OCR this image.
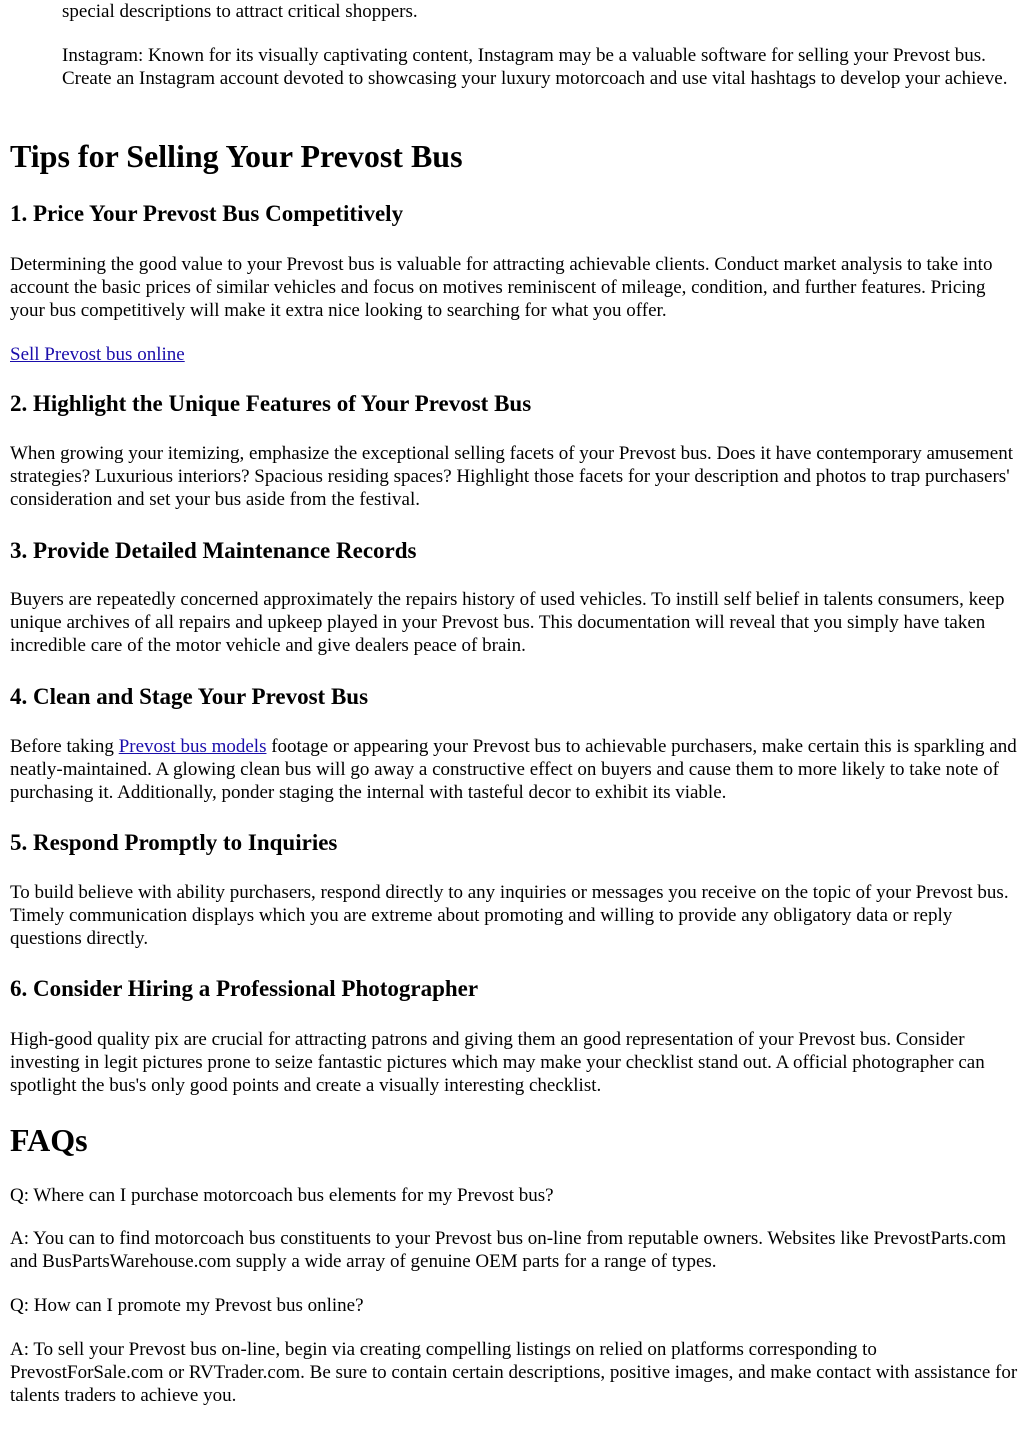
special descriptions to attract critical shoppers.

Instagram: Known for its visually captivating content, Instagram may be a valuable software for selling your Prevost bus. Create an Instagram account devoted to showcasing your luxury motorcoach and use vital hashtags to develop your achieve.

Tips for Selling Your Prevost Bus
1. Price Your Prevost Bus Competitively

Determining the good value to your Prevost bus is valuable for attracting achievable clients. Conduct market analysis to take into account the basic prices of similar vehicles and focus on motives reminiscent of mileage, condition, and further features. Pricing your bus competitively will make it extra nice looking to searching for what you offer.

Sell Prevost bus online

2. Highlight the Unique Features of Your Prevost Bus

When growing your itemizing, emphasize the exceptional selling facets of your Prevost bus. Does it have contemporary amusement strategies? Luxurious interiors? Spacious residing spaces? Highlight those facets for your description and photos to trap purchasers' consideration and set your bus aside from the festival.

3. Provide Detailed Maintenance Records

Buyers are repeatedly concerned approximately the repairs history of used vehicles. To instill self belief in talents consumers, keep unique archives of all repairs and upkeep played in your Prevost bus. This documentation will reveal that you simply have taken incredible care of the motor vehicle and give dealers peace of brain.

4. Clean and Stage Your Prevost Bus

Before taking Prevost bus models footage or appearing your Prevost bus to achievable purchasers, make certain this is sparkling and neatly-maintained. A glowing clean bus will go away a constructive effect on buyers and cause them to more likely to take note of purchasing it. Additionally, ponder staging the internal with tasteful decor to exhibit its viable.

5. Respond Promptly to Inquiries

To build believe with ability purchasers, respond directly to any inquiries or messages you receive on the topic of your Prevost bus. Timely communication displays which you are extreme about promoting and willing to provide any obligatory data or reply questions directly.

6. Consider Hiring a Professional Photographer

High-good quality pix are crucial for attracting patrons and giving them an good representation of your Prevost bus. Consider investing in legit pictures prone to seize fantastic pictures which may make your checklist stand out. A official photographer can spotlight the bus's only good points and create a visually interesting checklist.

FAQs

Q: Where can I purchase motorcoach bus elements for my Prevost bus?

A: You can to find motorcoach bus constituents to your Prevost bus on-line from reputable owners. Websites like PrevostParts.com and BusPartsWarehouse.com supply a wide array of genuine OEM parts for a range of types.

Q: How can I promote my Prevost bus online?

A: To sell your Prevost bus on-line, begin via creating compelling listings on relied on platforms corresponding to PrevostForSale.com or RVTrader.com. Be sure to contain certain descriptions, positive images, and make contact with assistance for talents traders to achieve you.
